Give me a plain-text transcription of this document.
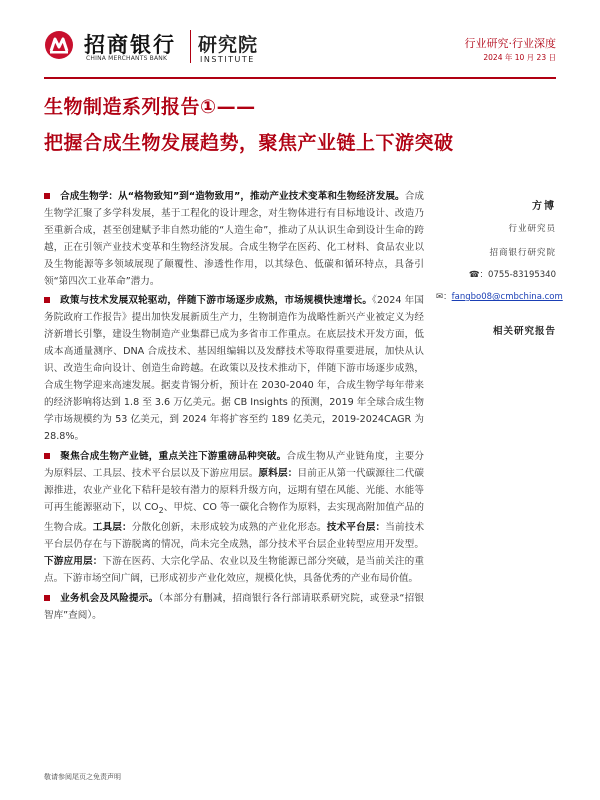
招商银行
CHINA MERCHANTS BANK
研究院
INSTITUTE
行业研究·行业深度
2024 年 10 月 23 日
生物制造系列报告①——
把握合成生物发展趋势，聚焦产业链上下游突破

合成生物学：从“格物致知”到“造物致用”，推动产业技术变革和生物经济发展。合成生物学汇聚了多学科发展，基于工程化的设计理念，对生物体进行有目标地设计、改造乃至重新合成，甚至创建赋予非自然功能的“人造生命”，推动了从认识生命到设计生命的跨越，正在引领产业技术变革和生物经济发展。合成生物学在医药、化工材料、食品农业以及生物能源等多领域展现了颠覆性、渗透性作用，以其绿色、低碳和循环特点，具备引领“第四次工业革命”潜力。

政策与技术发展双轮驱动，伴随下游市场逐步成熟，市场规模快速增长。《2024 年国务院政府工作报告》提出加快发展新质生产力，生物制造作为战略性新兴产业被定义为经济新增长引擎，建设生物制造产业集群已成为多省市工作重点。在底层技术开发方面，低成本高通量测序、DNA 合成技术、基因组编辑以及发酵技术等取得重要进展，加快从认识、改造生命向设计、创造生命跨越。在政策以及技术推动下，伴随下游市场逐步成熟，合成生物学迎来高速发展。据麦肯锡分析，预计在 2030-2040 年，合成生物学每年带来的经济影响将达到 1.8 至 3.6 万亿美元。据 CB Insights 的预测，2019 年全球合成生物学市场规模约为 53 亿美元，到 2024 年将扩容至约 189 亿美元，2019-2024CAGR 为 28.8%。

聚焦合成生物产业链，重点关注下游重磅品种突破。合成生物从产业链角度，主要分为原料层、工具层、技术平台层以及下游应用层。原料层：目前正从第一代碳源往二代碳源推进，农业产业化下秸秆是较有潜力的原料升级方向，远期有望在风能、光能、水能等可再生能源驱动下，以 $CO_2$、甲烷、CO 等一碳化合物作为原料，去实现高附加值产品的生物合成。工具层：分散化创新，未形成较为成熟的产业化形态。技术平台层：当前技术平台层仍存在与下游脱离的情况，尚未完全成熟，部分技术平台层企业转型应用开发型。下游应用层：下游在医药、大宗化学品、农业以及生物能源已部分突破，是当前关注的重点。下游市场空间广阔，已形成初步产业化效应，规模化快，具备优秀的产业布局价值。

业务机会及风险提示。（本部分有删减，招商银行各行部请联系研究院，或登录“招银智库”查阅）。

方博
行业研究员
招商银行研究院
☎：0755-83195340
✉：fangbo08@cmbchina.com
相关研究报告
敬请参阅尾页之免责声明
